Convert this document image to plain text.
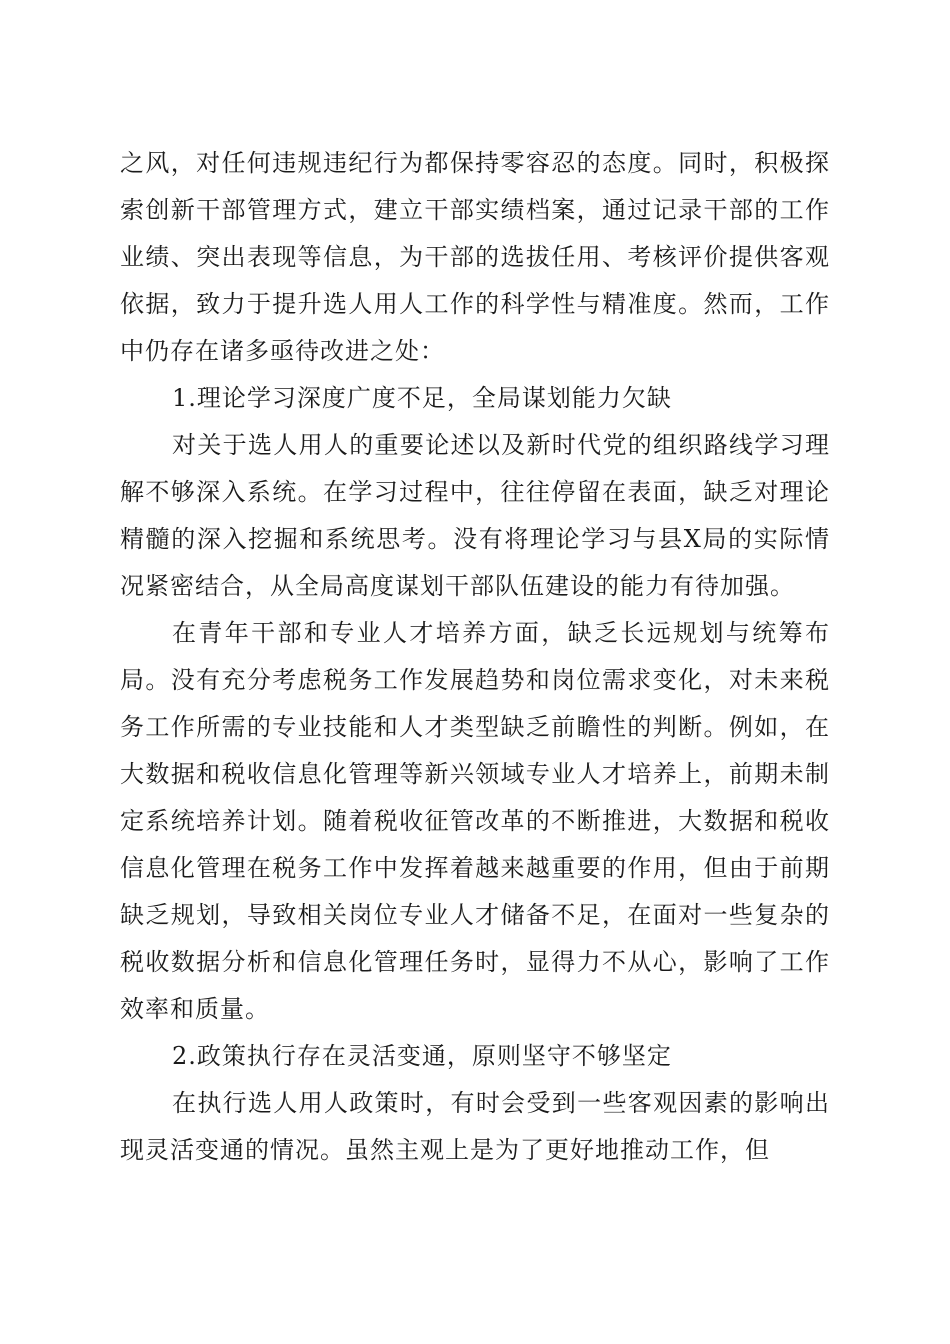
之风，对任何违规违纪行为都保持零容忍的态度。同时，积极探索创新干部管理方式，建立干部实绩档案，通过记录干部的工作业绩、突出表现等信息，为干部的选拔任用、考核评价提供客观依据，致力于提升选人用人工作的科学性与精准度。然而，工作中仍存在诸多亟待改进之处：

1.理论学习深度广度不足，全局谋划能力欠缺

对关于选人用人的重要论述以及新时代党的组织路线学习理解不够深入系统。在学习过程中，往往停留在表面，缺乏对理论精髓的深入挖掘和系统思考。没有将理论学习与县X局的实际情况紧密结合，从全局高度谋划干部队伍建设的能力有待加强。

在青年干部和专业人才培养方面，缺乏长远规划与统筹布局。没有充分考虑税务工作发展趋势和岗位需求变化，对未来税务工作所需的专业技能和人才类型缺乏前瞻性的判断。例如，在大数据和税收信息化管理等新兴领域专业人才培养上，前期未制定系统培养计划。随着税收征管改革的不断推进，大数据和税收信息化管理在税务工作中发挥着越来越重要的作用，但由于前期缺乏规划，导致相关岗位专业人才储备不足，在面对一些复杂的税收数据分析和信息化管理任务时，显得力不从心，影响了工作效率和质量。

2.政策执行存在灵活变通，原则坚守不够坚定

在执行选人用人政策时，有时会受到一些客观因素的影响出现灵活变通的情况。虽然主观上是为了更好地推动工作，但
